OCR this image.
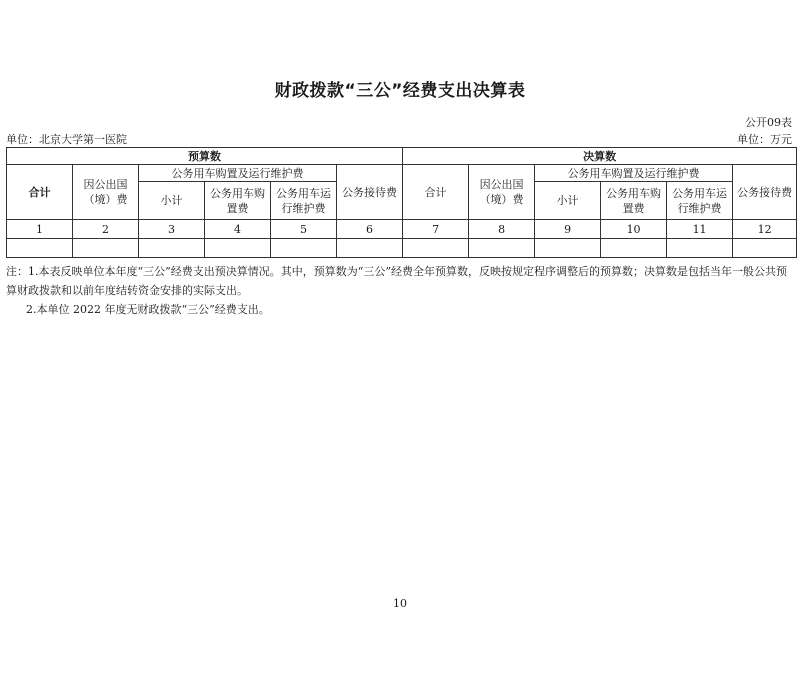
财政拨款“三公”经费支出决算表
公开09表
单位：北京大学第一医院	单位：万元
预算数						决算数					
合计	因公出国（境）费	公务用车购置及运行维护费			公务接待费	合计	因公出国（境）费	公务用车购置及运行维护费			公务接待费
		小计	公务用车购置费	公务用车运行维护费				小计	公务用车购置费	公务用车运行维护费	
1	2	3	4	5	6	7	8	9	10	11	12

注：1.本表反映单位本年度“三公”经费支出预决算情况。其中，预算数为“三公”经费全年预算数，反映按规定程序调整后的预算数；决算数是包括当年一般公共预算财政拨款和以前年度结转资金安排的实际支出。

2.本单位 2022 年度无财政拨款“三公”经费支出。

10
